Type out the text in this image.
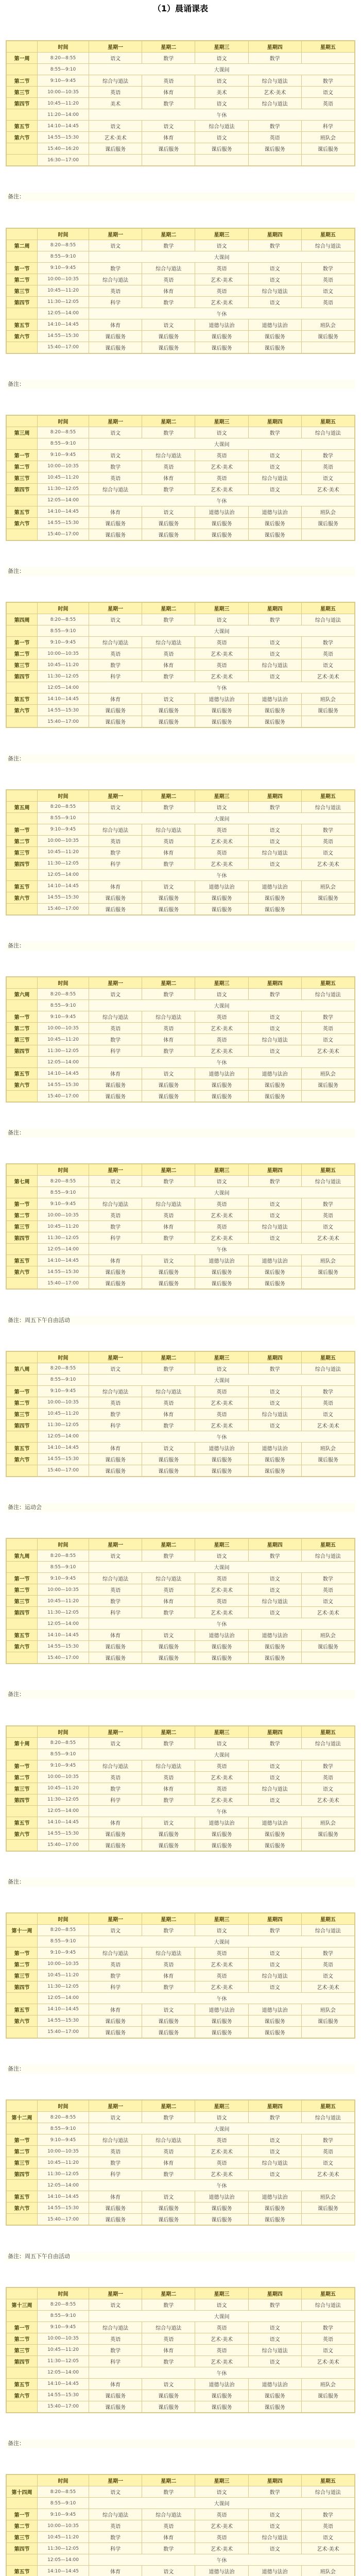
（1）晨诵课表
	时间	星期一	星期二	星期三	星期四	星期五
第一周	8:20—8:55	语文	数学	语文	数学	
	8:55—9:10	大课间				
第二节	9:10—9:45	综合与道法	英语	语文	综合与道法	数学
第三节	10:00—10:35	英语	体育	美术	艺术·美术	语文
第四节	10:45—11:20	美术	数学	语文	综合与道法	英语
	11:20—14:00	午休				
第五节	14:10—14:45	语文	语文	综合与道法	数学	科学
第六节	14:55—15:30	艺术·美术	体育	语文	英语	班队会
	15:40—16:20	课后服务	课后服务	课后服务	课后服务	课后服务
	16:30—17:00					
备注：
	时间	星期一	星期二	星期三	星期四	星期五
第二周	8:20—8:55	语文	数学	语文	数学	综合与道法
	8:55—9:10	大课间				
第一节	9:10—9:45	数学	综合与道法	英语	语文	数学
第二节	10:00—10:35	综合与道法	英语	艺术·美术	语文	英语
第三节	10:45—11:20	英语	体育	英语	综合与道法	语文
第四节	11:30—12:05	科学	数学	艺术·美术	语文	英语
	12:05—14:00	午休				
第五节	14:10—14:45	体育	语文	道德与法治	道德与法治	班队会
第六节	14:55—15:30	课后服务	课后服务	课后服务	课后服务	课后服务
	15:40—17:00	课后服务	课后服务	课后服务	课后服务	
备注：
	时间	星期一	星期二	星期三	星期四	星期五
第三周	8:20—8:55	语文	数学	语文	数学	综合与道法
	8:55—9:10	大课间				
第一节	9:10—9:45	语文	综合与道法	英语	语文	数学
第二节	10:00—10:35	数学	英语	艺术·美术	语文	英语
第三节	10:45—11:20	英语	体育	英语	综合与道法	语文
第四节	11:30—12:05	综合与道法	数学	艺术·美术	语文	艺术·美术
	12:05—14:00	午休				
第五节	14:10—14:45	体育	语文	道德与法治	道德与法治	班队会
第六节	14:55—15:30	课后服务	课后服务	课后服务	课后服务	课后服务
	15:40—17:00	课后服务	课后服务	课后服务	课后服务	
备注：
	时间	星期一	星期二	星期三	星期四	星期五
第四周	8:20—8:55	语文	数学	语文	数学	综合与道法
	8:55—9:10	大课间				
第一节	9:10—9:45	综合与道法	综合与道法	英语	语文	数学
第二节	10:00—10:35	英语	英语	艺术·美术	语文	英语
第三节	10:45—11:20	数学	体育	英语	综合与道法	语文
第四节	11:30—12:05	科学	数学	艺术·美术	语文	艺术·美术
	12:05—14:00	午休				
第五节	14:10—14:45	体育	语文	道德与法治	道德与法治	班队会
第六节	14:55—15:30	课后服务	课后服务	课后服务	课后服务	课后服务
	15:40—17:00	课后服务	课后服务	课后服务	课后服务	
备注：
	时间	星期一	星期二	星期三	星期四	星期五
第五周	8:20—8:55	语文	数学	语文	数学	综合与道法
	8:55—9:10	大课间				
第一节	9:10—9:45	综合与道法	综合与道法	英语	语文	数学
第二节	10:00—10:35	英语	英语	艺术·美术	语文	英语
第三节	10:45—11:20	数学	体育	英语	综合与道法	语文
第四节	11:30—12:05	科学	数学	艺术·美术	语文	艺术·美术
	12:05—14:00	午休				
第五节	14:10—14:45	体育	语文	道德与法治	道德与法治	班队会
第六节	14:55—15:30	课后服务	课后服务	课后服务	课后服务	课后服务
	15:40—17:00	课后服务	课后服务	课后服务	课后服务	
备注：
	时间	星期一	星期二	星期三	星期四	星期五
第六周	8:20—8:55	语文	数学	语文	数学	综合与道法
	8:55—9:10	大课间				
第一节	9:10—9:45	综合与道法	综合与道法	英语	语文	数学
第二节	10:00—10:35	英语	英语	艺术·美术	语文	英语
第三节	10:45—11:20	数学	体育	英语	综合与道法	语文
第四节	11:30—12:05	科学	数学	艺术·美术	语文	艺术·美术
	12:05—14:00	午休				
第五节	14:10—14:45	体育	语文	道德与法治	道德与法治	班队会
第六节	14:55—15:30	课后服务	课后服务	课后服务	课后服务	课后服务
	15:40—17:00	课后服务	课后服务	课后服务	课后服务	
备注：
	时间	星期一	星期二	星期三	星期四	星期五
第七周	8:20—8:55	语文	数学	语文	数学	综合与道法
	8:55—9:10	大课间				
第一节	9:10—9:45	综合与道法	综合与道法	英语	语文	数学
第二节	10:00—10:35	英语	英语	艺术·美术	语文	英语
第三节	10:45—11:20	数学	体育	英语	综合与道法	语文
第四节	11:30—12:05	科学	数学	艺术·美术	语文	艺术·美术
	12:05—14:00	午休				
第五节	14:10—14:45	体育	语文	道德与法治	道德与法治	班队会
第六节	14:55—15:30	课后服务	课后服务	课后服务	课后服务	课后服务
	15:40—17:00	课后服务	课后服务	课后服务	课后服务	
备注：周五下午自由活动
	时间	星期一	星期二	星期三	星期四	星期五
第八周	8:20—8:55	语文	数学	语文	数学	综合与道法
	8:55—9:10	大课间				
第一节	9:10—9:45	综合与道法	综合与道法	英语	语文	数学
第二节	10:00—10:35	英语	英语	艺术·美术	语文	英语
第三节	10:45—11:20	数学	体育	英语	综合与道法	语文
第四节	11:30—12:05	科学	数学	艺术·美术	语文	艺术·美术
	12:05—14:00	午休				
第五节	14:10—14:45	体育	语文	道德与法治	道德与法治	班队会
第六节	14:55—15:30	课后服务	课后服务	课后服务	课后服务	课后服务
	15:40—17:00	课后服务	课后服务	课后服务	课后服务	
备注：运动会
	时间	星期一	星期二	星期三	星期四	星期五
第九周	8:20—8:55	语文	数学	语文	数学	综合与道法
	8:55—9:10	大课间				
第一节	9:10—9:45	综合与道法	综合与道法	英语	语文	数学
第二节	10:00—10:35	英语	英语	艺术·美术	语文	英语
第三节	10:45—11:20	数学	体育	英语	综合与道法	语文
第四节	11:30—12:05	科学	数学	艺术·美术	语文	艺术·美术
	12:05—14:00	午休				
第五节	14:10—14:45	体育	语文	道德与法治	道德与法治	班队会
第六节	14:55—15:30	课后服务	课后服务	课后服务	课后服务	课后服务
	15:40—17:00	课后服务	课后服务	课后服务	课后服务	
备注：
	时间	星期一	星期二	星期三	星期四	星期五
第十周	8:20—8:55	语文	数学	语文	数学	综合与道法
	8:55—9:10	大课间				
第一节	9:10—9:45	综合与道法	综合与道法	英语	语文	数学
第二节	10:00—10:35	英语	英语	艺术·美术	语文	英语
第三节	10:45—11:20	数学	体育	英语	综合与道法	语文
第四节	11:30—12:05	科学	数学	艺术·美术	语文	艺术·美术
	12:05—14:00	午休				
第五节	14:10—14:45	体育	语文	道德与法治	道德与法治	班队会
第六节	14:55—15:30	课后服务	课后服务	课后服务	课后服务	课后服务
	15:40—17:00	课后服务	课后服务	课后服务	课后服务	
备注：
	时间	星期一	星期二	星期三	星期四	星期五
第十一周	8:20—8:55	语文	数学	语文	数学	综合与道法
	8:55—9:10	大课间				
第一节	9:10—9:45	综合与道法	综合与道法	英语	语文	数学
第二节	10:00—10:35	英语	英语	艺术·美术	语文	英语
第三节	10:45—11:20	数学	体育	英语	综合与道法	语文
第四节	11:30—12:05	科学	数学	艺术·美术	语文	艺术·美术
	12:05—14:00	午休				
第五节	14:10—14:45	体育	语文	道德与法治	道德与法治	班队会
第六节	14:55—15:30	课后服务	课后服务	课后服务	课后服务	课后服务
	15:40—17:00	课后服务	课后服务	课后服务	课后服务	
备注：
	时间	星期一	星期二	星期三	星期四	星期五
第十二周	8:20—8:55	语文	数学	语文	数学	综合与道法
	8:55—9:10	大课间				
第一节	9:10—9:45	综合与道法	综合与道法	英语	语文	数学
第二节	10:00—10:35	英语	英语	艺术·美术	语文	英语
第三节	10:45—11:20	数学	体育	英语	综合与道法	语文
第四节	11:30—12:05	科学	数学	艺术·美术	语文	艺术·美术
	12:05—14:00	午休				
第五节	14:10—14:45	体育	语文	道德与法治	道德与法治	班队会
第六节	14:55—15:30	课后服务	课后服务	课后服务	课后服务	课后服务
	15:40—17:00	课后服务	课后服务	课后服务	课后服务	
备注：周五下午自由活动
	时间	星期一	星期二	星期三	星期四	星期五
第十三周	8:20—8:55	语文	数学	语文	数学	综合与道法
	8:55—9:10	大课间				
第一节	9:10—9:45	综合与道法	综合与道法	英语	语文	数学
第二节	10:00—10:35	英语	英语	艺术·美术	语文	英语
第三节	10:45—11:20	数学	体育	英语	综合与道法	语文
第四节	11:30—12:05	科学	数学	艺术·美术	语文	艺术·美术
	12:05—14:00	午休				
第五节	14:10—14:45	体育	语文	道德与法治	道德与法治	班队会
第六节	14:55—15:30	课后服务	课后服务	课后服务	课后服务	课后服务
	15:40—17:00	课后服务	课后服务	课后服务	课后服务	
备注：
	时间	星期一	星期二	星期三	星期四	星期五
第十四周	8:20—8:55	语文	数学	语文	数学	综合与道法
	8:55—9:10	大课间				
第一节	9:10—9:45	综合与道法	综合与道法	英语	语文	数学
第二节	10:00—10:35	英语	英语	艺术·美术	语文	英语
第三节	10:45—11:20	数学	体育	英语	综合与道法	语文
第四节	11:30—12:05	科学	数学	艺术·美术	语文	艺术·美术
	12:05—14:00	午休				
第五节	14:10—14:45	体育	语文	道德与法治	道德与法治	班队会
